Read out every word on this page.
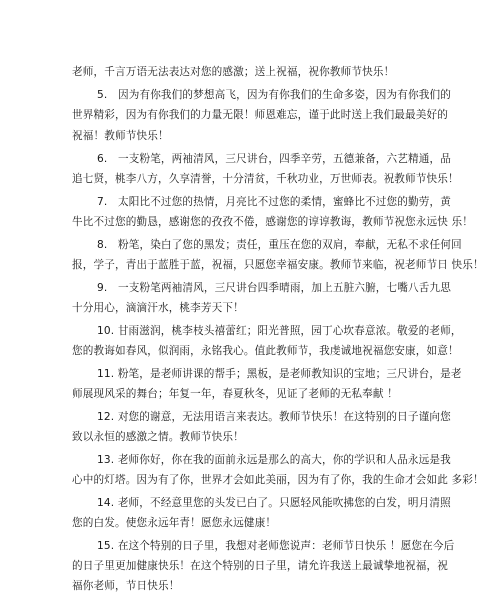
老师，千言万语无法表达对您的感激；送上祝福，祝你教师节快乐！
5.   因为有你我们的梦想高飞，因为有你我们的生命多姿，因为有你我们的
世界精彩，因为有你我们的力量无限！师恩难忘，谨于此时送上我们最最美好的
祝福！教师节快乐！
6.   一支粉笔，两袖清风，三尺讲台，四季辛劳，五德兼备，六艺精通，品
追七贤，桃李八方，久享清誉，十分清贫，千秋功业，万世师表。祝教师节快乐！
7.   太阳比不过您的热情，月亮比不过您的柔情，蜜蜂比不过您的勤劳，黄
牛比不过您的勤恳，感谢您的孜孜不倦，感谢您的谆谆教诲，教师节祝您永远快 乐！
8.   粉笔，染白了您的黑发；责任，重压在您的双肩，奉献，无私不求任何回
报，学子，青出于蓝胜于蓝，祝福，只愿您幸福安康。教师节来临，祝老师节日 快乐！
9.   一支粉笔两袖清风，三尺讲台四季晴雨，加上五脏六腑，七嘴八舌九思
十分用心，滴滴汗水，桃李芳天下！
10. 甘雨滋润，桃李枝头禧蕾红；阳光普照，园丁心坎春意浓。敬爱的老师，
您的教诲如春风，似润雨，永铭我心。值此教师节，我虔诚地祝福您安康，如意！
11. 粉笔，是老师讲课的帮手；黑板，是老师教知识的宝地；三尺讲台，是老
师展现风采的舞台；年复一年，春夏秋冬，见证了老师的无私奉献 ！
12. 对您的谢意，无法用语言来表达。教师节快乐！在这特别的日子谨向您
致以永恒的感激之情。教师节快乐！
13. 老师你好，你在我的面前永远是那么的高大，你的学识和人品永远是我
心中的灯塔。因为有了你，世界才会如此美丽，因为有了你，我的生命才会如此 多彩！
14. 老师，不经意里您的头发已白了。只愿轻风能吹拂您的白发，明月清照
您的白发。使您永远年青！愿您永远健康！
15. 在这个特别的日子里，我想对老师您说声：老师节日快乐 ！愿您在今后
的日子里更加健康快乐！在这个特别的日子里，请允许我送上最诚挚地祝福，祝
福你老师，节日快乐！
